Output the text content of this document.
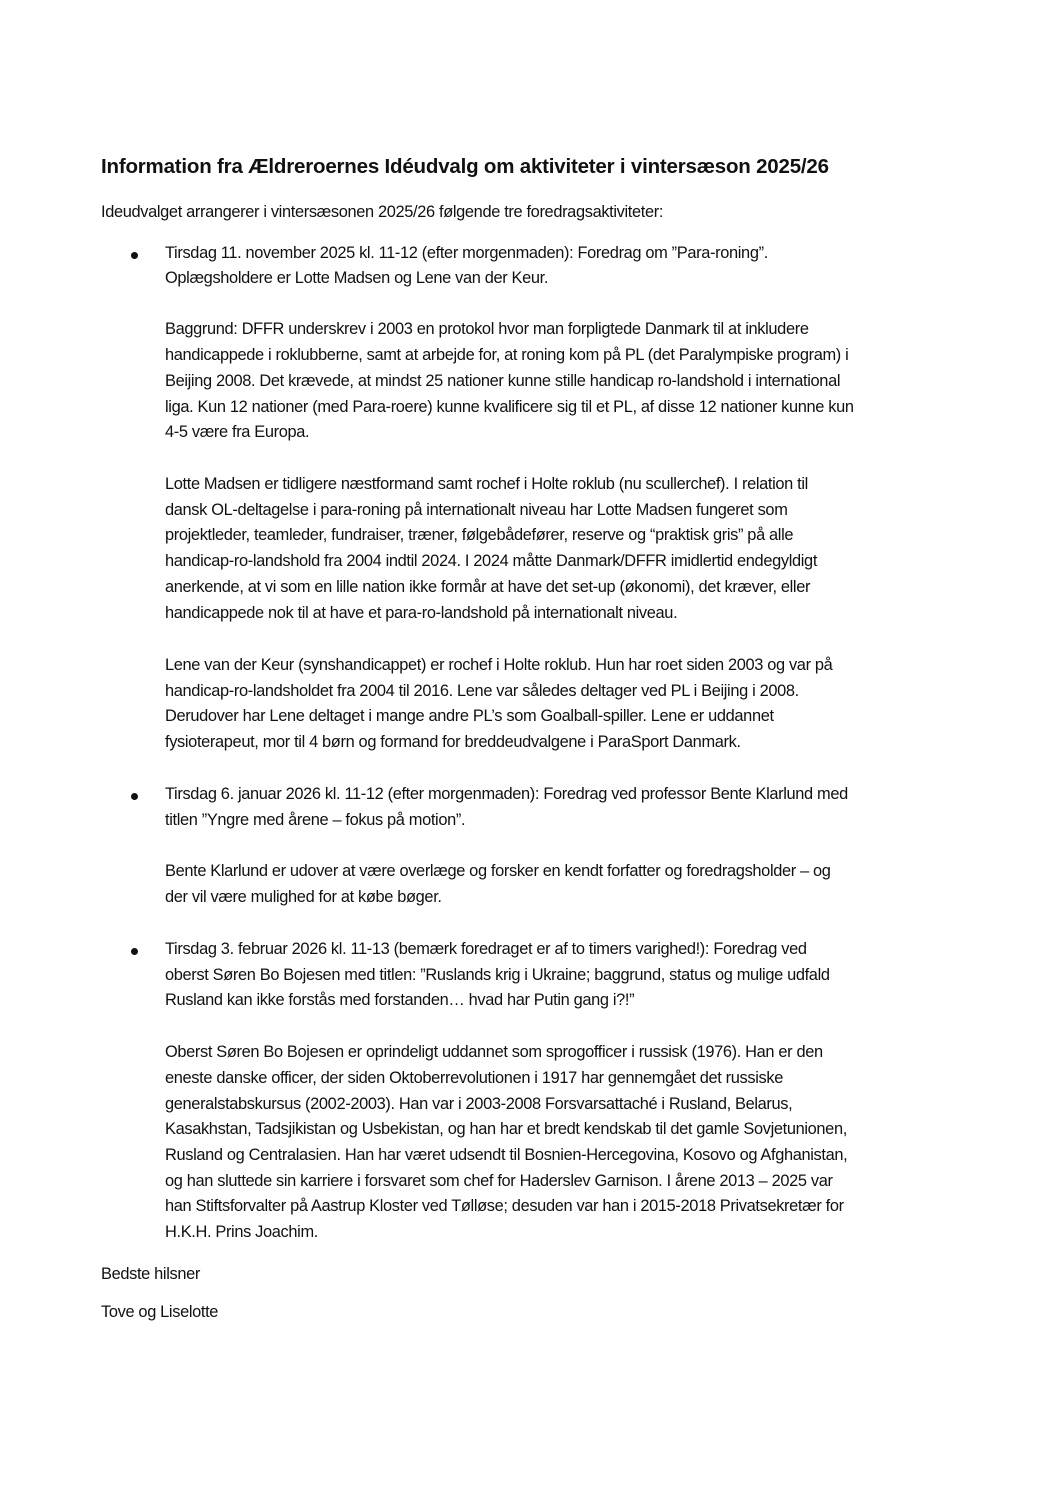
Information fra Ældreroernes Idéudvalg om aktiviteter i vintersæson 2025/26
Ideudvalget arrangerer i vintersæsonen 2025/26 følgende tre foredragsaktiviteter:
Tirsdag 11. november 2025 kl. 11-12 (efter morgenmaden): Foredrag om ”Para-roning”.
Oplægsholdere er Lotte Madsen og Lene van der Keur.
Baggrund: DFFR underskrev i 2003 en protokol hvor man forpligtede Danmark til at inkludere
handicappede i roklubberne, samt at arbejde for, at roning kom på PL (det Paralympiske program) i
Beijing 2008. Det krævede, at mindst 25 nationer kunne stille handicap ro-landshold i international
liga. Kun 12 nationer (med Para-roere) kunne kvalificere sig til et PL, af disse 12 nationer kunne kun
4-5 være fra Europa.
Lotte Madsen er tidligere næstformand samt rochef i Holte roklub (nu scullerchef). I relation til
dansk OL-deltagelse i para-roning på internationalt niveau har Lotte Madsen fungeret som
projektleder, teamleder, fundraiser, træner, følgebådefører, reserve og “praktisk gris” på alle
handicap-ro-landshold fra 2004 indtil 2024. I 2024 måtte Danmark/DFFR imidlertid endegyldigt
anerkende, at vi som en lille nation ikke formår at have det set-up (økonomi), det kræver, eller
handicappede nok til at have et para-ro-landshold på internationalt niveau.
Lene van der Keur (synshandicappet) er rochef i Holte roklub. Hun har roet siden 2003 og var på
handicap-ro-landsholdet fra 2004 til 2016. Lene var således deltager ved PL i Beijing i 2008.
Derudover har Lene deltaget i mange andre PL’s som Goalball-spiller. Lene er uddannet
fysioterapeut, mor til 4 børn og formand for breddeudvalgene i ParaSport Danmark.
Tirsdag 6. januar 2026 kl. 11-12 (efter morgenmaden): Foredrag ved professor Bente Klarlund med
titlen ”Yngre med årene – fokus på motion”.
Bente Klarlund er udover at være overlæge og forsker en kendt forfatter og foredragsholder – og
der vil være mulighed for at købe bøger.
Tirsdag 3. februar 2026 kl. 11-13 (bemærk foredraget er af to timers varighed!): Foredrag ved
oberst Søren Bo Bojesen med titlen: ”Ruslands krig i Ukraine; baggrund, status og mulige udfald
Rusland kan ikke forstås med forstanden… hvad har Putin gang i?!”
Oberst Søren Bo Bojesen er oprindeligt uddannet som sprogofficer i russisk (1976). Han er den
eneste danske officer, der siden Oktoberrevolutionen i 1917 har gennemgået det russiske
generalstabskursus (2002-2003). Han var i 2003-2008 Forsvarsattaché i Rusland, Belarus,
Kasakhstan, Tadsjikistan og Usbekistan, og han har et bredt kendskab til det gamle Sovjetunionen,
Rusland og Centralasien. Han har været udsendt til Bosnien-Hercegovina, Kosovo og Afghanistan,
og han sluttede sin karriere i forsvaret som chef for Haderslev Garnison. I årene 2013 – 2025 var
han Stiftsforvalter på Aastrup Kloster ved Tølløse; desuden var han i 2015-2018 Privatsekretær for
H.K.H. Prins Joachim.
Bedste hilsner
Tove og Liselotte
